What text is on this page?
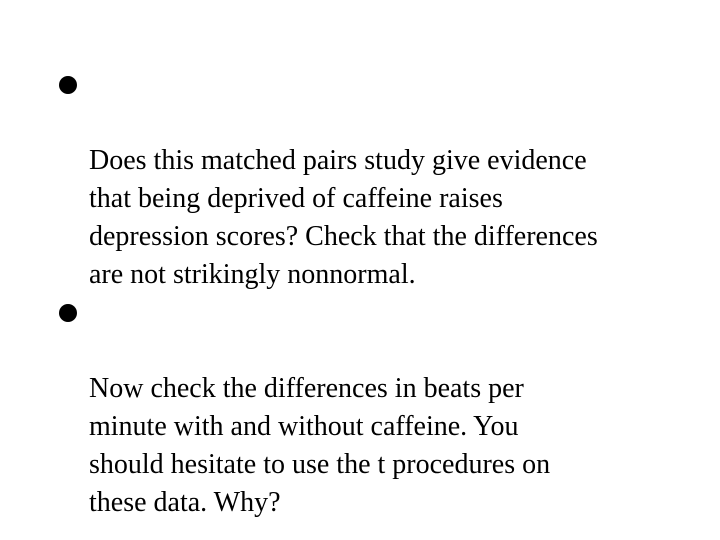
Does this matched pairs study give evidence
that being deprived of caffeine raises
depression scores? Check that the differences
are not strikingly nonnormal.

Now check the differences in beats per
minute with and without caffeine. You
should hesitate to use the t procedures on
these data. Why?
